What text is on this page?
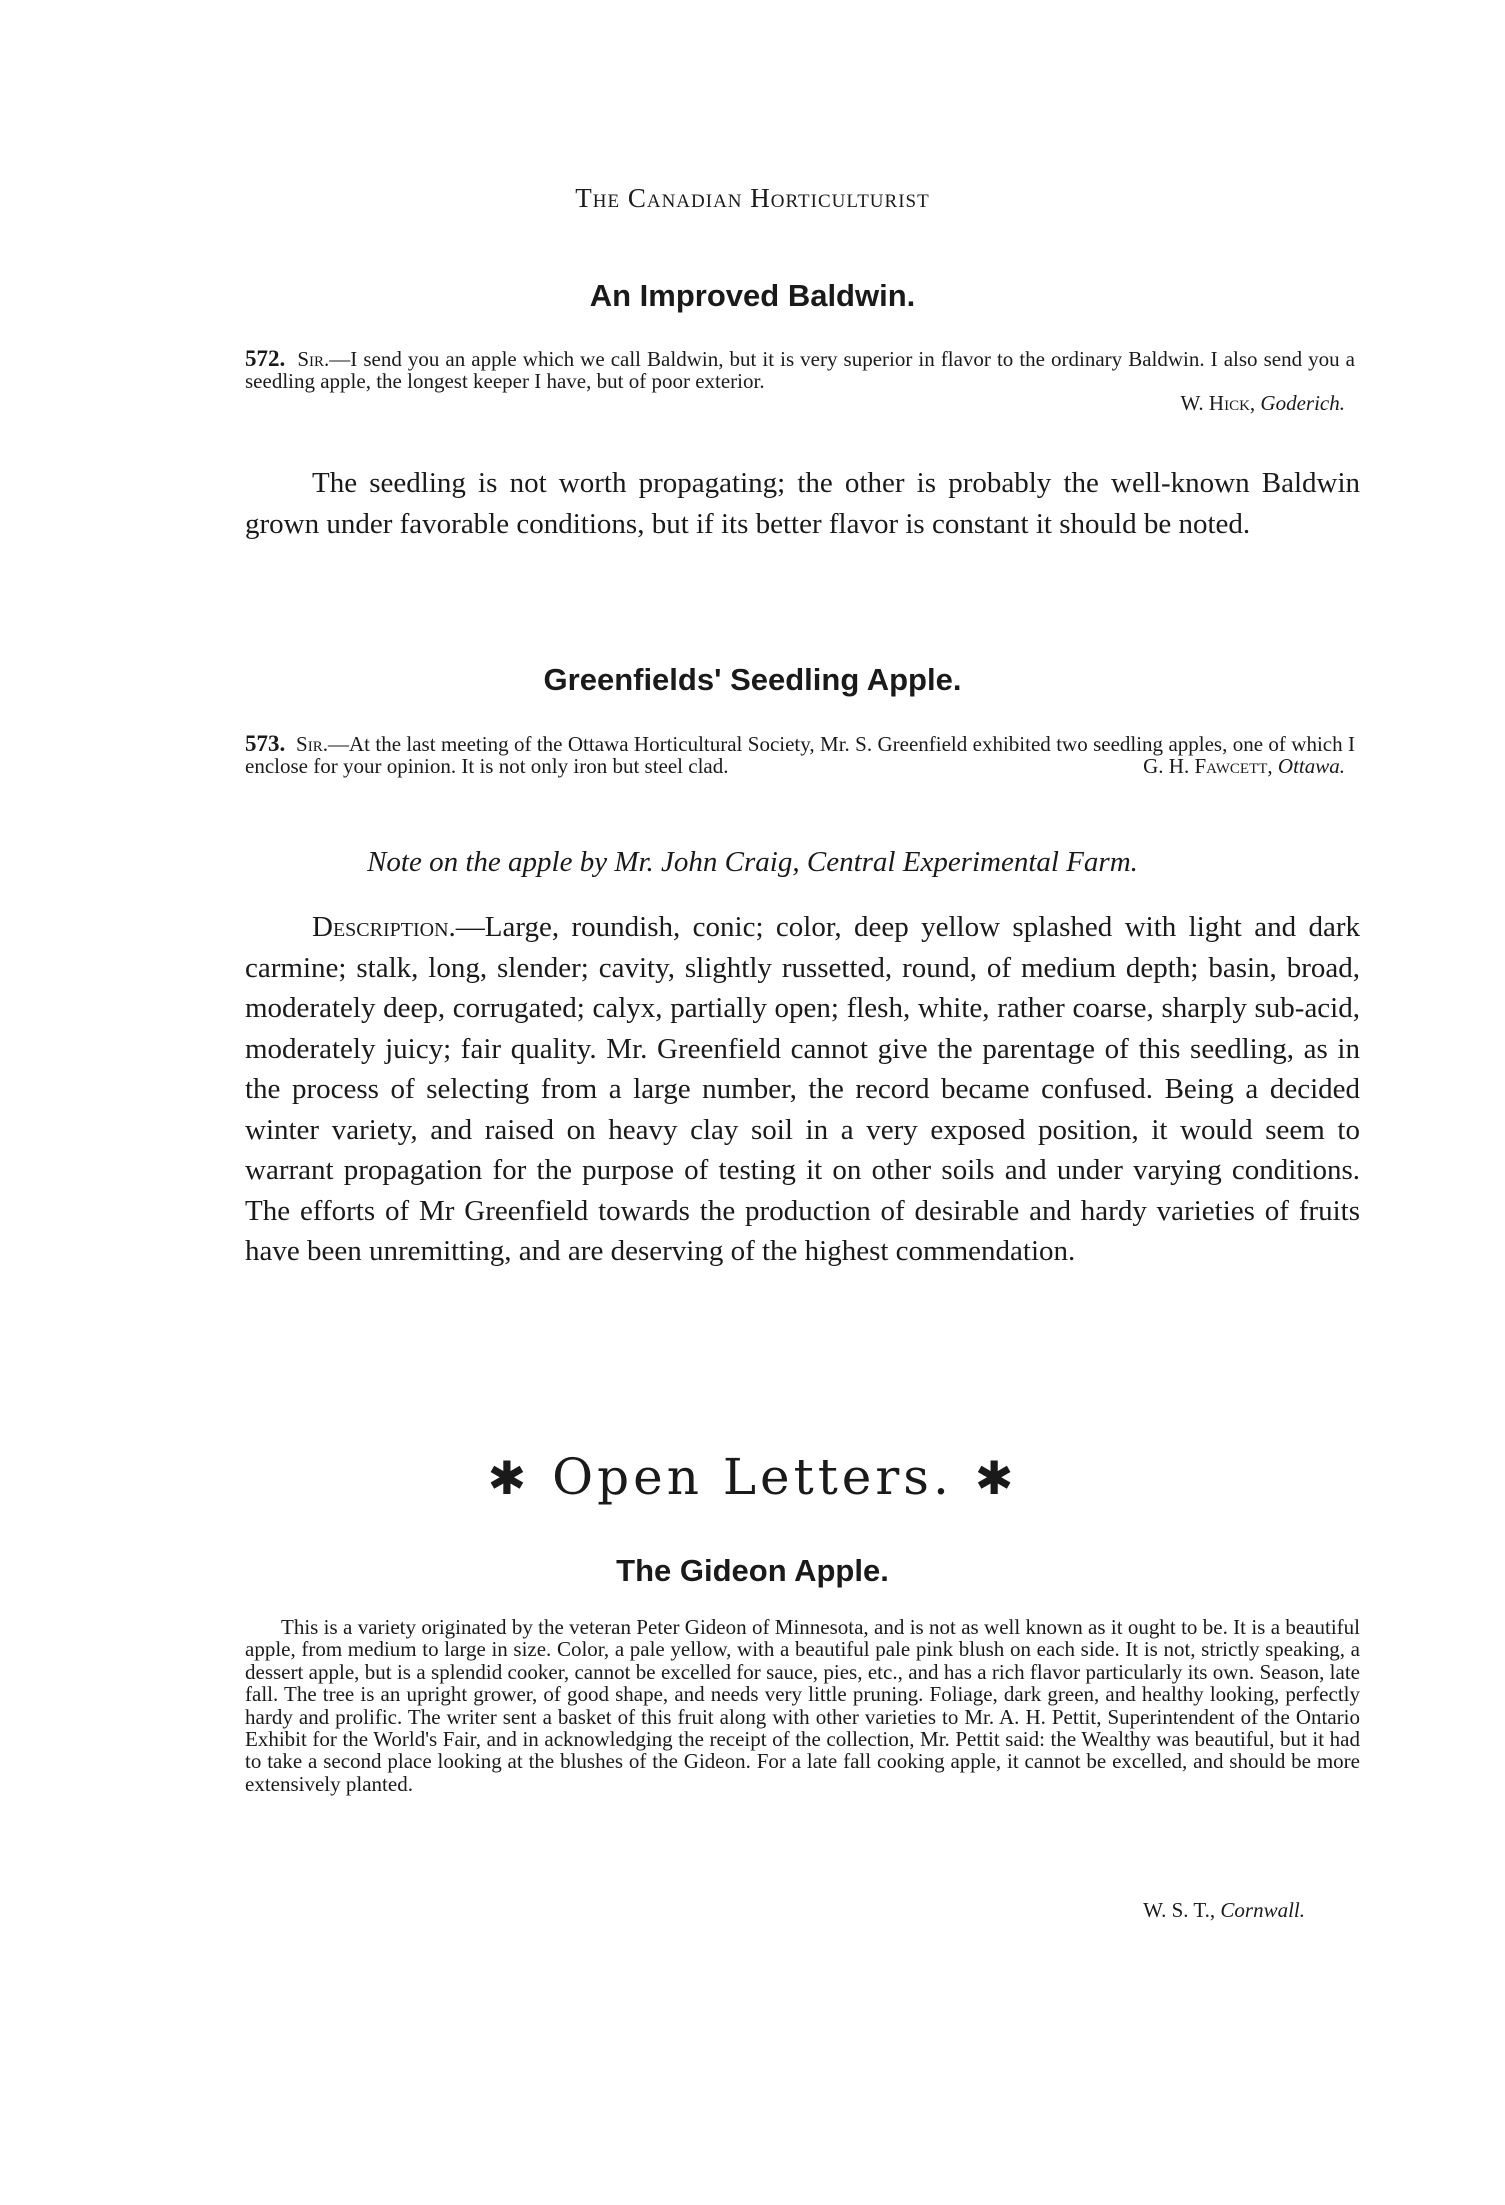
The Canadian Horticulturist
An Improved Baldwin.
572. Sir.—I send you an apple which we call Baldwin, but it is very superior in flavor to the ordinary Baldwin. I also send you a seedling apple, the longest keeper I have, but of poor exterior.
W. Hick, Goderich.
The seedling is not worth propagating; the other is probably the well-known Baldwin grown under favorable conditions, but if its better flavor is constant it should be noted.
Greenfields' Seedling Apple.
573. Sir.—At the last meeting of the Ottawa Horticultural Society, Mr. S. Greenfield exhibited two seedling apples, one of which I enclose for your opinion. It is not only iron but steel clad.	G. H. Fawcett, Ottawa.
Note on the apple by Mr. John Craig, Central Experimental Farm.
Description.—Large, roundish, conic; color, deep yellow splashed with light and dark carmine; stalk, long, slender; cavity, slightly russetted, round, of medium depth; basin, broad, moderately deep, corrugated; calyx, partially open; flesh, white, rather coarse, sharply sub-acid, moderately juicy; fair quality. Mr. Greenfield cannot give the parentage of this seedling, as in the process of selecting from a large number, the record became confused. Being a decided winter variety, and raised on heavy clay soil in a very exposed position, it would seem to warrant propagation for the purpose of testing it on other soils and under varying conditions. The efforts of Mr Greenfield towards the production of desirable and hardy varieties of fruits have been unremitting, and are deserving of the highest commendation.
✱ Open Letters. ✱
The Gideon Apple.
This is a variety originated by the veteran Peter Gideon of Minnesota, and is not as well known as it ought to be. It is a beautiful apple, from medium to large in size. Color, a pale yellow, with a beautiful pale pink blush on each side. It is not, strictly speaking, a dessert apple, but is a splendid cooker, cannot be excelled for sauce, pies, etc., and has a rich flavor particularly its own. Season, late fall. The tree is an upright grower, of good shape, and needs very little pruning. Foliage, dark green, and healthy looking, perfectly hardy and prolific. The writer sent a basket of this fruit along with other varieties to Mr. A. H. Pettit, Superintendent of the Ontario Exhibit for the World's Fair, and in acknowledging the receipt of the collection, Mr. Pettit said: the Wealthy was beautiful, but it had to take a second place looking at the blushes of the Gideon. For a late fall cooking apple, it cannot be excelled, and should be more extensively planted.
W. S. T., Cornwall.
